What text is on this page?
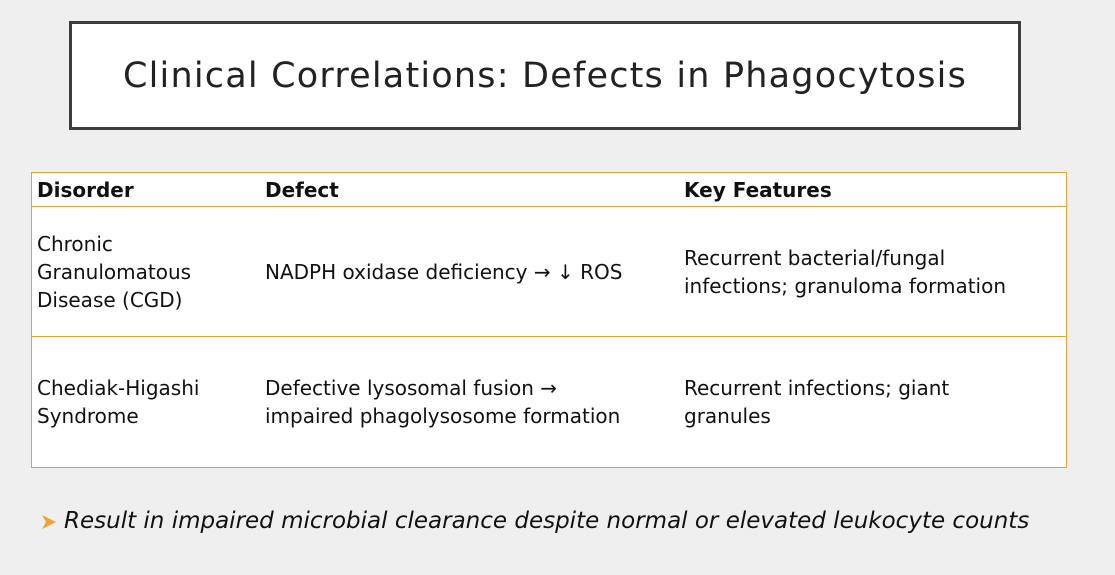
Clinical Correlations: Defects in Phagocytosis
Disorder	Defect	Key Features
Chronic
Granulomatous
Disease (CGD)
NADPH oxidase deficiency → ↓ ROS
Recurrent bacterial/fungal
infections; granuloma formation
Chediak-Higashi
Syndrome
Defective lysosomal fusion →
impaired phagolysosome formation
Recurrent infections; giant
granules
Result in impaired microbial clearance despite normal or elevated leukocyte counts
